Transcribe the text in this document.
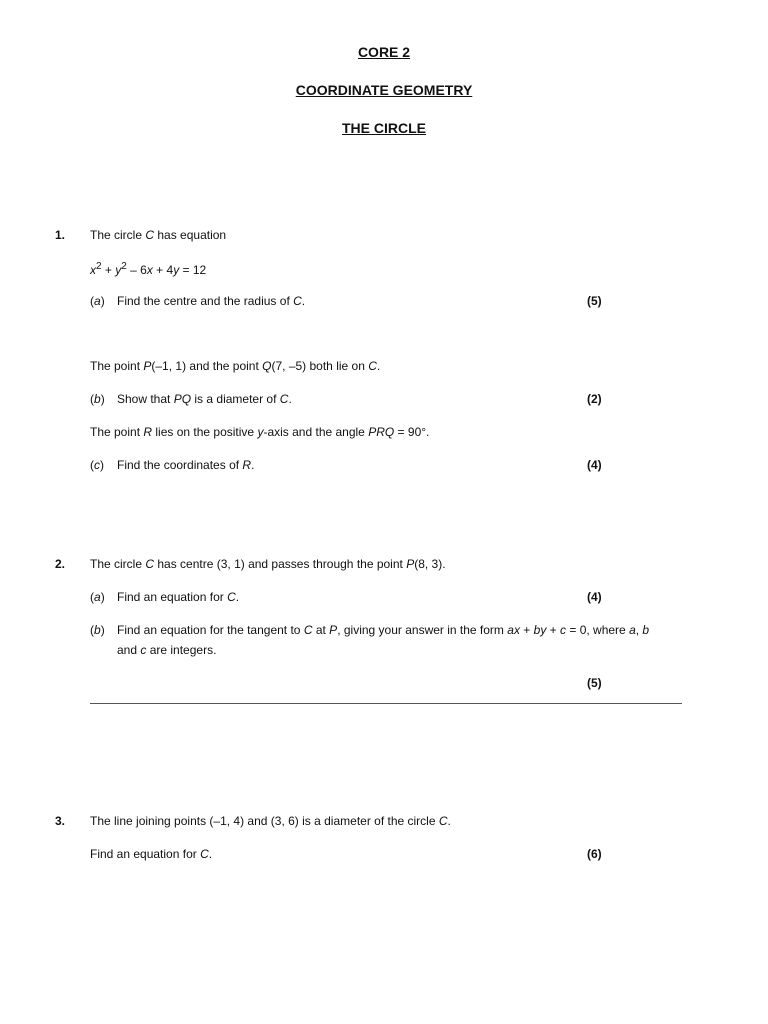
CORE 2
COORDINATE GEOMETRY
THE CIRCLE
1. The circle C has equation
$x^2 + y^2 - 6x + 4y = 12$
(a) Find the centre and the radius of C.	(5)
The point P(–1, 1) and the point Q(7, –5) both lie on C.
(b) Show that PQ is a diameter of C.	(2)
The point R lies on the positive y-axis and the angle PRQ = 90°.
(c) Find the coordinates of R.	(4)
2. The circle C has centre (3, 1) and passes through the point P(8, 3).
(a) Find an equation for C.	(4)
(b) Find an equation for the tangent to C at P, giving your answer in the form ax + by + c = 0, where a, b
and c are integers.
(5)
3. The line joining points (–1, 4) and (3, 6) is a diameter of the circle C.
Find an equation for C.	(6)
